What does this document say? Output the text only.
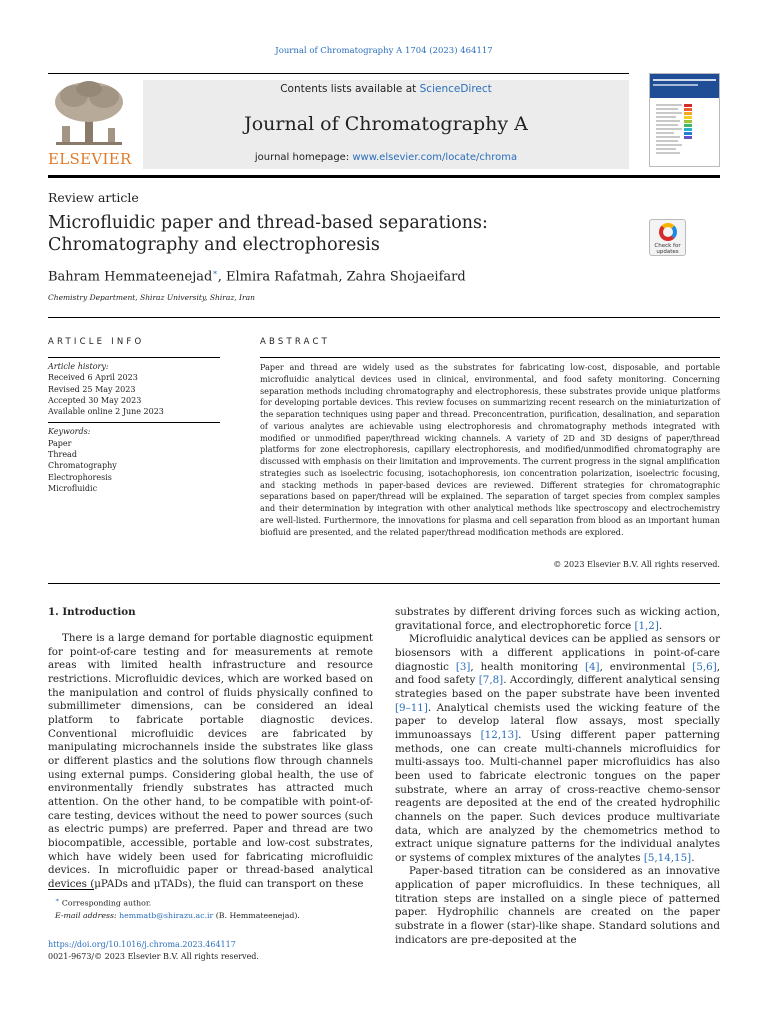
Journal of Chromatography A 1704 (2023) 464117
ELSEVIER
Contents lists available at ScienceDirect
Journal of Chromatography A
journal homepage: www.elsevier.com/locate/chroma
Review article
Microfluidic paper and thread-based separations: Chromatography and electrophoresis	Check for
updates
Bahram Hemmateenejad∗, Elmira Rafatmah, Zahra Shojaeifard
Chemistry Department, Shiraz University, Shiraz, Iran
ARTICLE INFO	ABSTRACT
Article history:
Received 6 April 2023
Revised 25 May 2023
Accepted 30 May 2023
Available online 2 June 2023
Keywords:
Paper
Thread
Chromatography
Electrophoresis
Microfluidic
Paper and thread are widely used as the substrates for fabricating low-cost, disposable, and portable microfluidic analytical devices used in clinical, environmental, and food safety monitoring. Concerning separation methods including chromatography and electrophoresis, these substrates provide unique platforms for developing portable devices. This review focuses on summarizing recent research on the miniaturization of the separation techniques using paper and thread. Preconcentration, purification, desalination, and separation of various analytes are achievable using electrophoresis and chromatography methods integrated with modified or unmodified paper/thread wicking channels. A variety of 2D and 3D designs of paper/thread platforms for zone electrophoresis, capillary electrophoresis, and modified/unmodified chromatography are discussed with emphasis on their limitation and improvements. The current progress in the signal amplification strategies such as isoelectric focusing, isotachophoresis, ion concentration polarization, isoelectric focusing, and stacking methods in paper-based devices are reviewed. Different strategies for chromatographic separations based on paper/thread will be explained. The separation of target species from complex samples and their determination by integration with other analytical methods like spectroscopy and electrochemistry are well-listed. Furthermore, the innovations for plasma and cell separation from blood as an important human biofluid are presented, and the related paper/thread modification methods are explored.
© 2023 Elsevier B.V. All rights reserved.
1. Introduction

There is a large demand for portable diagnostic equipment for point-of-care testing and for measurements at remote areas with limited health infrastructure and resource restrictions. Microfluidic devices, which are worked based on the manipulation and control of fluids physically confined to submillimeter dimensions, can be considered an ideal platform to fabricate portable diagnostic devices. Conventional microfluidic devices are fabricated by manipulating microchannels inside the substrates like glass or different plastics and the solutions flow through channels using external pumps. Considering global health, the use of environmentally friendly substrates has attracted much attention. On the other hand, to be compatible with point-of-care testing, devices without the need to power sources (such as electric pumps) are preferred. Paper and thread are two biocompatible, accessible, portable and low-cost substrates, which have widely been used for fabricating microfluidic devices. In microfluidic paper or thread-based analytical devices (μPADs and μTADs), the fluid can transport on these

substrates by different driving forces such as wicking action, gravitational force, and electrophoretic force [1,2].

Microfluidic analytical devices can be applied as sensors or biosensors with a different applications in point-of-care diagnostic [3], health monitoring [4], environmental [5,6], and food safety [7,8]. Accordingly, different analytical sensing strategies based on the paper substrate have been invented [9–11]. Analytical chemists used the wicking feature of the paper to develop lateral flow assays, most specially immunoassays [12,13]. Using different paper patterning methods, one can create multi-channels microfluidics for multi-assays too. Multi-channel paper microfluidics has also been used to fabricate electronic tongues on the paper substrate, where an array of cross-reactive chemo-sensor reagents are deposited at the end of the created hydrophilic channels on the paper. Such devices produce multivariate data, which are analyzed by the chemometrics method to extract unique signature patterns for the individual analytes or systems of complex mixtures of the analytes [5,14,15].

Paper-based titration can be considered as an innovative application of paper microfluidics. In these techniques, all titration steps are installed on a single piece of patterned paper. Hydrophilic channels are created on the paper substrate in a flower (star)-like shape. Standard solutions and indicators are pre-deposited at the

∗ Corresponding author.
E-mail address: hemmatb@shirazu.ac.ir (B. Hemmateenejad).
https://doi.org/10.1016/j.chroma.2023.464117
0021-9673/© 2023 Elsevier B.V. All rights reserved.
